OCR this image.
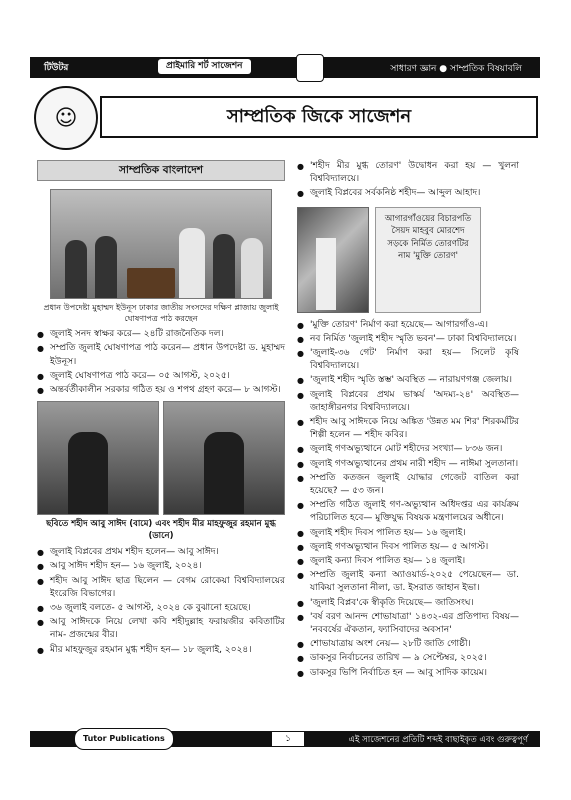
টিউটর	প্রাইমারি শর্ট সাজেশন	◉	সাধারণ জ্ঞান ● সাম্প্রতিক বিষয়াবলি
☺	সাম্প্রতিক জিকে সাজেশন
সাম্প্রতিক বাংলাদেশ
প্রধান উপদেষ্টা মুহাম্মদ ইউনূস ঢাকার জাতীয় সংসদের দক্ষিণ প্লাজায় জুলাই ঘোষণাপত্র পাঠ করছেন
● জুলাই সনদ স্বাক্ষর করে— ২৪টি রাজনৈতিক দল।
● সম্প্রতি জুলাই ঘোষণাপত্র পাঠ করেন— প্রধান উপদেষ্টা ড. মুহাম্মদ ইউনূস।
● জুলাই ঘোষণাপত্র পাঠ করে— ০৫ আগস্ট, ২০২৫।
● অন্তর্বর্তীকালীন সরকার গঠিত হয় ও শপথ গ্রহণ করে— ৮ আগস্ট।
ছবিতে শহীদ আবু সাঈদ (বামে) এবং শহীদ মীর মাহফুজুর রহমান মুগ্ধ (ডানে)
● জুলাই বিপ্লবের প্রথম শহীদ হলেন— আবু সাঈদ।
● আবু সাঈদ শহীদ হন— ১৬ জুলাই, ২০২৪।
● শহীদ আবু সাঈদ ছাত্র ছিলেন — বেগম রোকেয়া বিশ্ববিদ্যালয়ের ইংরেজি বিভাগের।
● ৩৬ জুলাই বলতে- ৫ আগস্ট, ২০২৪ কে বুঝানো হয়েছে।
● আবু সাঈদকে নিয়ে লেখা কবি শহীদুল্লাহ ফরায়জীর কবিতাটির নাম- প্রজন্মের বীর।
● মীর মাহফুজুর রহমান মুগ্ধ শহীদ হন— ১৮ জুলাই, ২০২৪।
● 'শহীদ মীর মুগ্ধ তোরণ' উদ্বোধন করা হয় — খুলনা বিশ্ববিদ্যালয়ে।
● জুলাই বিপ্লবের সর্বকনিষ্ঠ শহীদ— আব্দুল আহাদ।
আগারগাঁওয়ের বিচারপতি সৈয়দ মাহবুব মোরশেদ সড়কে নির্মিত তোরণটির নাম 'মুক্তি তোরণ'
● 'মুক্তি তোরণ' নির্মাণ করা হয়েছে— আগারগাঁও-এ।
● নব নির্মিত 'জুলাই শহীদ স্মৃতি ভবন'— ঢাকা বিশ্ববিদ্যালয়ে।
● 'জুলাই-৩৬ গেট' নির্মাণ করা হয়— সিলেট কৃষি বিশ্ববিদ্যালয়ে।
● 'জুলাই শহীদ স্মৃতি স্তম্ভ' অবস্থিত — নারায়ণগঞ্জ জেলায়।
● জুলাই বিপ্লবের প্রথম ভাস্কর্য 'অদম্য-২৪' অবস্থিত— জাহাঙ্গীরনগর বিশ্ববিদ্যালয়ে।
● শহীদ আবু সাঈদকে নিয়ে অঙ্কিত 'উন্নত মম শির' শিরকর্মটির শিল্পী হলেন — শহীদ কবির।
● জুলাই গণঅভ্যুত্থানে মোট শহীদের সংখ্যা— ৮৩৬ জন।
● জুলাই গণঅভ্যুত্থানের প্রথম নারী শহীদ — নাঈমা সুলতানা।
● সম্প্রতি কতজন জুলাই যোদ্ধার গেজেট বাতিল করা হয়েছে? — ৫৩ জন।
● সম্প্রতি গঠিত জুলাই গণ-অভ্যুত্থান অধিদপ্তর এর কার্যক্রম পরিচালিত হবে— মুক্তিযুদ্ধ বিষয়ক মন্ত্রণালয়ের অধীনে।
● জুলাই শহীদ দিবস পালিত হয়— ১৬ জুলাই।
● জুলাই গণঅভ্যুত্থান দিবস পালিত হয়— ৫ আগস্ট।
● জুলাই কন্যা দিবস পালিত হয়— ১৪ জুলাই।
● সম্প্রতি জুলাই কন্যা অ্যাওয়ার্ড-২০২৫ পেয়েছেন— ডা. যাকিয়া সুলতানা নীলা, ডা. ইসরাত জাহান ইভা।
● 'জুলাই বিপ্লব'কে স্বীকৃতি দিয়েছে— জাতিসংঘ।
● 'বর্ষ বরণ আনন্দ শোভাযাত্রা' ১৪৩২-এর প্রতিপাদ্য বিষয়— 'নববর্ষের ঐকতান, ফ্যাসিবাদের অবসান'
● শোভাযাত্রায় অংশ নেয়— ২৮টি জাতি গোষ্ঠী।
● ডাকসুর নির্বাচনের তারিখ — ৯ সেপ্টেম্বর, ২০২৫।
● ডাকসুর ভিপি নির্বাচিত হন — আবু সাদিক কায়েম।
Tutor Publications	১	এই সাজেশনের প্রতিটি শব্দই বাছাইকৃত এবং গুরুত্বপূর্ণ
